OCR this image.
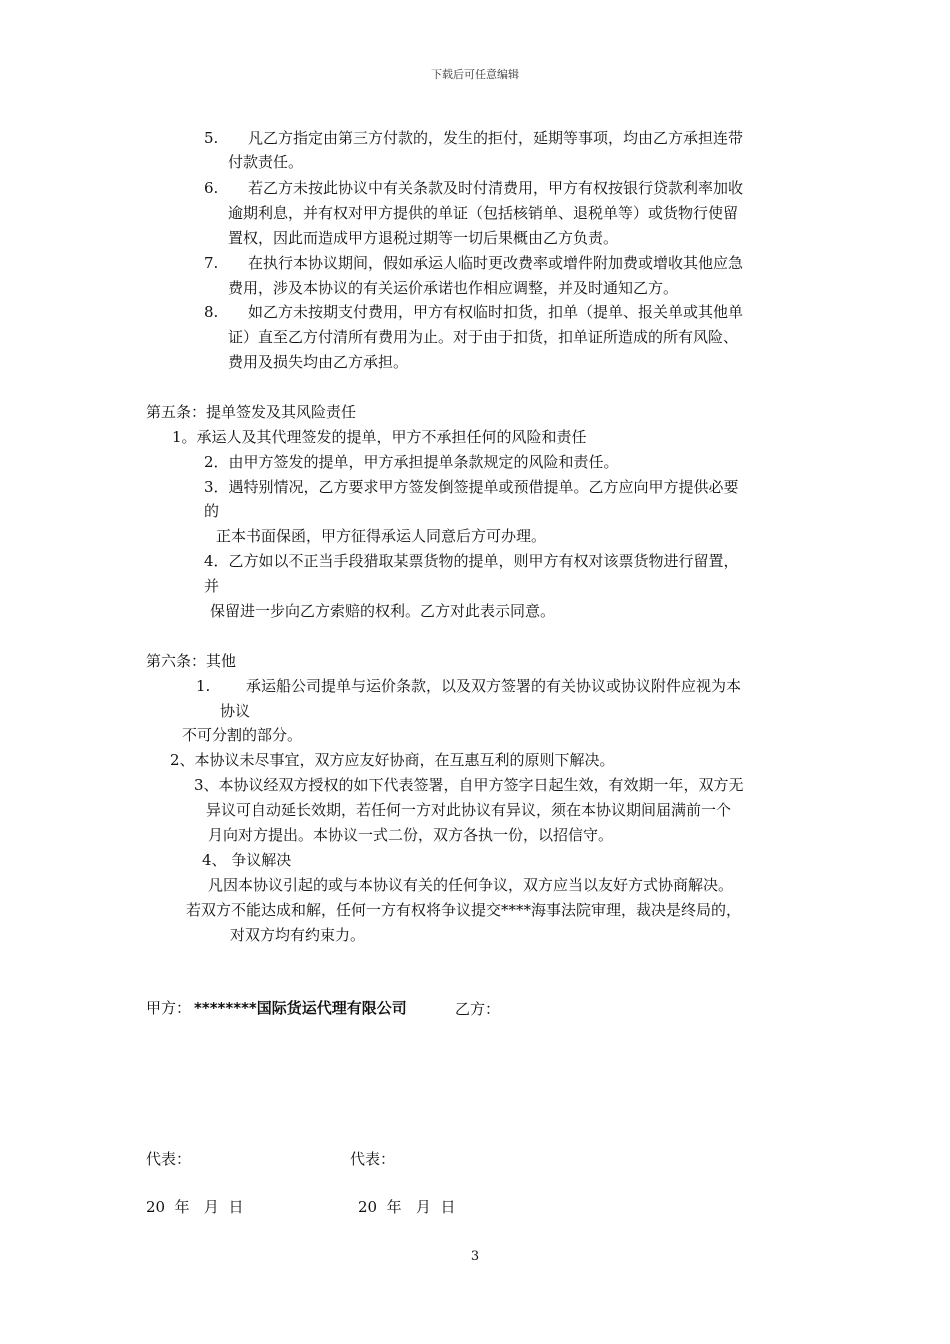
下载后可任意编辑
5. 凡乙方指定由第三方付款的，发生的拒付，延期等事项，均由乙方承担连带
付款责任。
6. 若乙方未按此协议中有关条款及时付清费用，甲方有权按银行贷款利率加收
逾期利息，并有权对甲方提供的单证（包括核销单、退税单等）或货物行使留
置权，因此而造成甲方退税过期等一切后果概由乙方负责。
7. 在执行本协议期间，假如承运人临时更改费率或增件附加费或增收其他应急
费用，涉及本协议的有关运价承诺也作相应调整，并及时通知乙方。
8. 如乙方未按期支付费用，甲方有权临时扣货，扣单（提单、报关单或其他单
证）直至乙方付清所有费用为止。对于由于扣货，扣单证所造成的所有风险、
费用及损失均由乙方承担。
第五条：提单签发及其风险责任
1。承运人及其代理签发的提单，甲方不承担任何的风险和责任
2．由甲方签发的提单，甲方承担提单条款规定的风险和责任。
3．遇特别情况，乙方要求甲方签发倒签提单或预借提单。乙方应向甲方提供必要
的
正本书面保函，甲方征得承运人同意后方可办理。
4．乙方如以不正当手段猎取某票货物的提单，则甲方有权对该票货物进行留置，
并
保留进一步向乙方索赔的权利。乙方对此表示同意。
第六条：其他
1. 承运船公司提单与运价条款，以及双方签署的有关协议或协议附件应视为本
协议
不可分割的部分。
2、本协议未尽事宜，双方应友好协商，在互惠互利的原则下解决。
3、本协议经双方授权的如下代表签署，自甲方签字日起生效，有效期一年，双方无
异议可自动延长效期，若任何一方对此协议有异议，须在本协议期间届满前一个
月向对方提出。本协议一式二份，双方各执一份，以招信守。
4、 争议解决
凡因本协议引起的或与本协议有关的任何争议，双方应当以友好方式协商解决。
若双方不能达成和解，任何一方有权将争议提交****海事法院审理，裁决是终局的，
对双方均有约束力。
甲方： ********国际货运代理有限公司	乙方：
代表：	代表：
20  年   月  日	20  年   月  日
3
